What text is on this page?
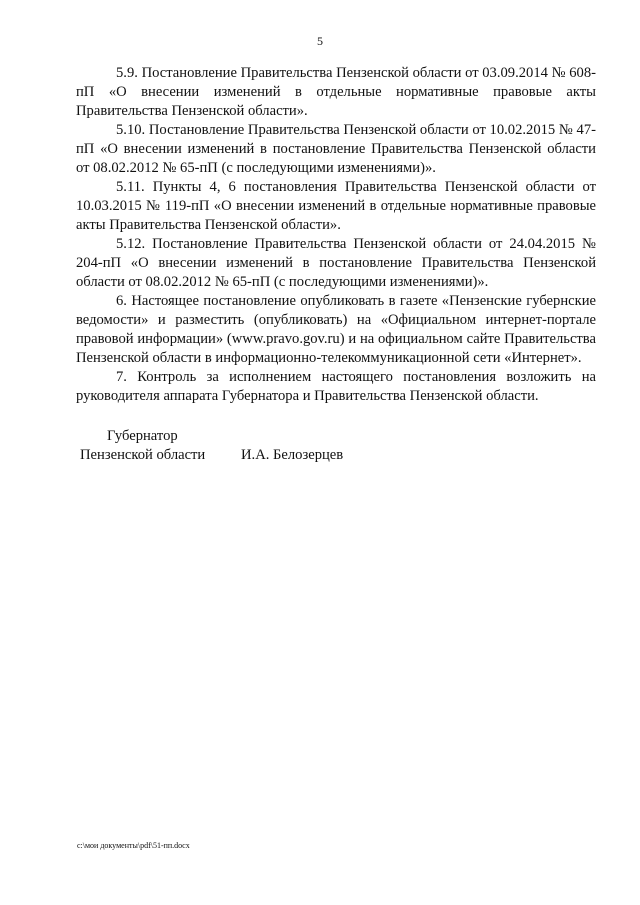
5

5.9. Постановление Правительства Пензенской области от 03.09.2014 № 608-пП «О внесении изменений в отдельные нормативные правовые акты Правительства Пензенской области».

5.10. Постановление Правительства Пензенской области от 10.02.2015 № 47-пП «О внесении изменений в постановление Правительства Пензенской области от 08.02.2012 № 65-пП (с последующими изменениями)».

5.11. Пункты 4, 6 постановления Правительства Пензенской области от 10.03.2015 № 119-пП «О внесении изменений в отдельные нормативные правовые акты Правительства Пензенской области».

5.12. Постановление Правительства Пензенской области от 24.04.2015 № 204-пП «О внесении изменений в постановление Правительства Пензенской области от 08.02.2012 № 65-пП (с последующими изменениями)».

6. Настоящее постановление опубликовать в газете «Пензенские губернские ведомости» и разместить (опубликовать) на «Официальном интернет-портале правовой информации» (www.pravo.gov.ru) и на официальном сайте Правительства Пензенской области в информационно-телекоммуникационной сети «Интернет».

7. Контроль за исполнением настоящего постановления возложить на руководителя аппарата Губернатора и Правительства Пензенской области.

Губернатор
Пензенской области И.А. Белозерцев
c:\мои документы\pdf\51-пп.docx
